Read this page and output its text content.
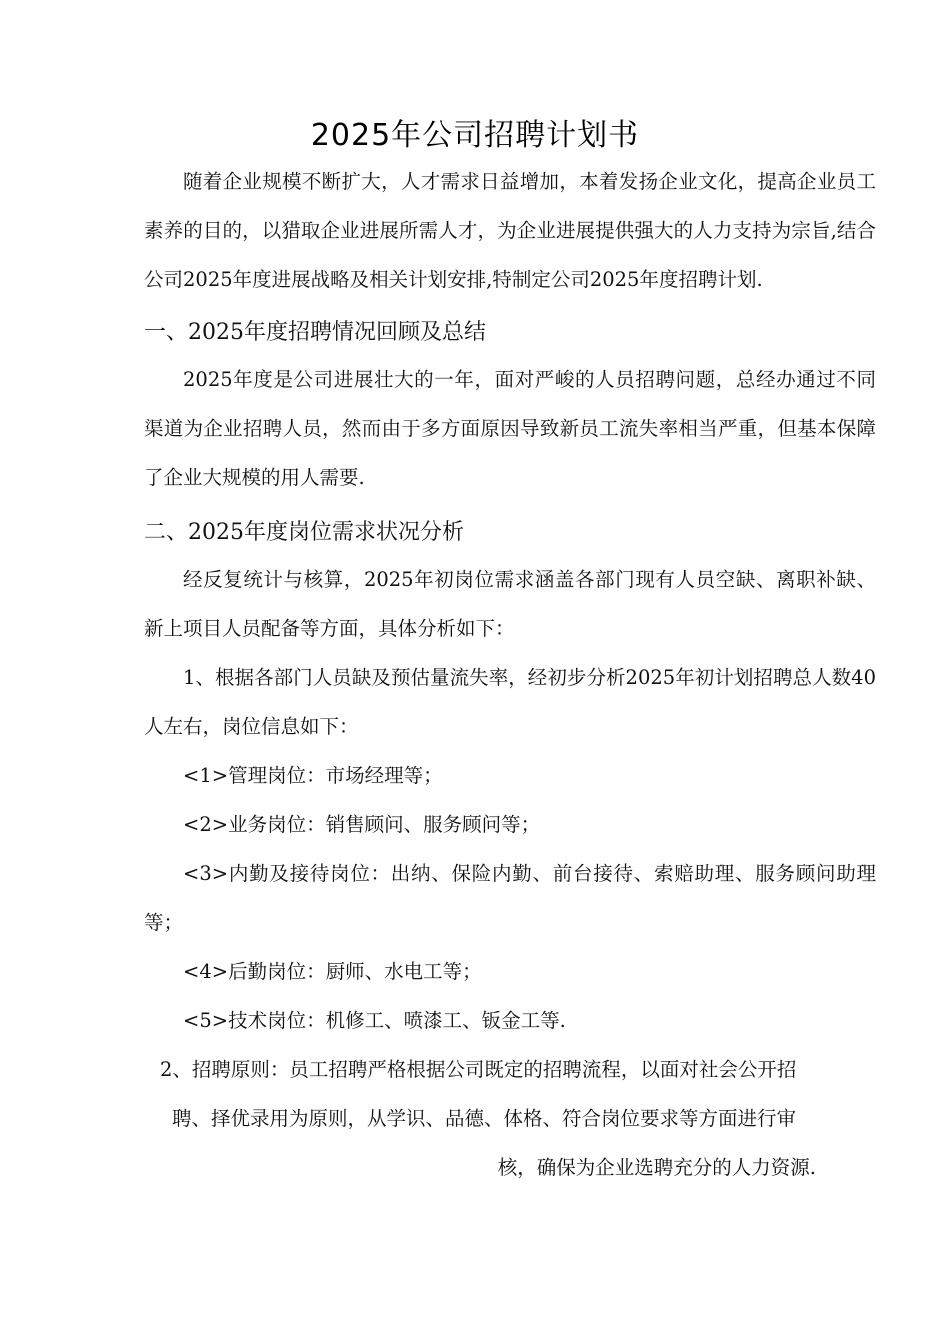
2025年公司招聘计划书

随着企业规模不断扩大，人才需求日益增加，本着发扬企业文化，提高企业员工素养的目的，以猎取企业进展所需人才，为企业进展提供强大的人力支持为宗旨,结合公司2025年度进展战略及相关计划安排,特制定公司2025年度招聘计划.

一、2025年度招聘情况回顾及总结

2025年度是公司进展壮大的一年，面对严峻的人员招聘问题，总经办通过不同渠道为企业招聘人员，然而由于多方面原因导致新员工流失率相当严重，但基本保障了企业大规模的用人需要.

二、2025年度岗位需求状况分析

经反复统计与核算，2025年初岗位需求涵盖各部门现有人员空缺、离职补缺、新上项目人员配备等方面，具体分析如下：

1、根据各部门人员缺及预估量流失率，经初步分析2025年初计划招聘总人数40人左右，岗位信息如下：

<1>管理岗位：市场经理等；

<2>业务岗位：销售顾问、服务顾问等；

<3>内勤及接待岗位：出纳、保险内勤、前台接待、索赔助理、服务顾问助理等；

<4>后勤岗位：厨师、水电工等；

<5>技术岗位：机修工、喷漆工、钣金工等.

2、招聘原则：员工招聘严格根据公司既定的招聘流程，以面对社会公开招

聘、择优录用为原则，从学识、品德、体格、符合岗位要求等方面进行审

核，确保为企业选聘充分的人力资源.
